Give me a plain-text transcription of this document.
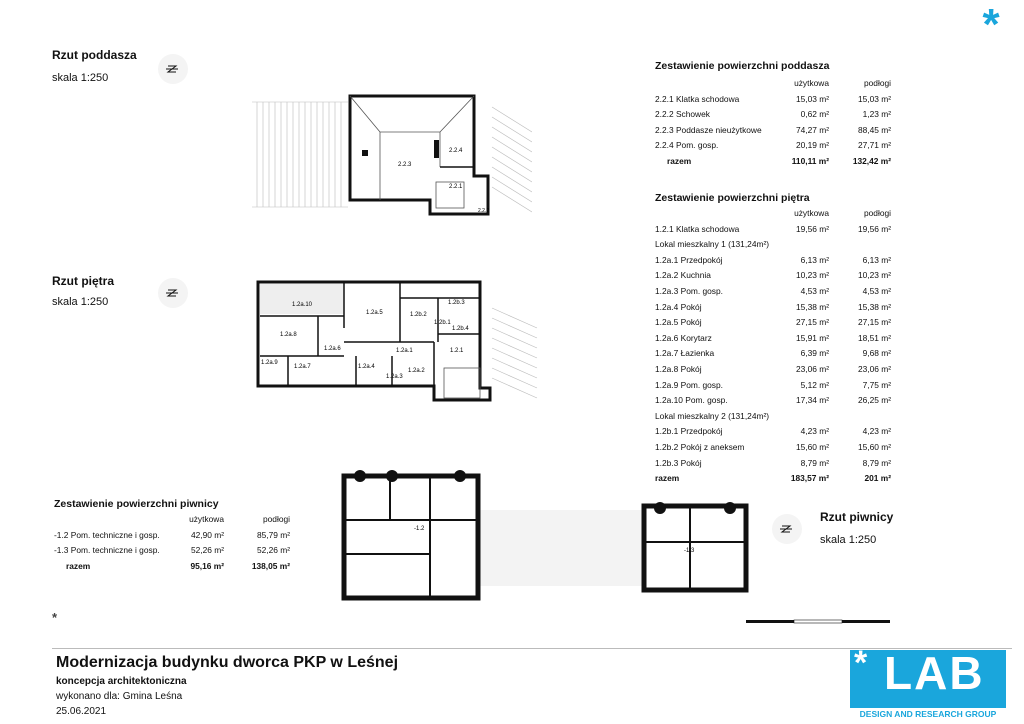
*
Rzut poddasza
skala 1:250
2.2.3
2.2.4
2.2.1
2.2.2
Rzut piętra
skala 1:250	1.2a.10
1.2a.5	1.2b.2
1.2b.3
1.2a.8
1.2b.1
1.2b.4
1.2a.6	1.2a.1	1.2.1
1.2a.9
1.2a.7	1.2a.4
1.2a.3
1.2a.2
-1.2
-1.3
Rzut piwnicy
skala 1:250
Zestawienie powierzchni poddasza
użytkowa	podłogi
2.2.1 Klatka schodowa	15,03 m²	15,03 m²
2.2.2 Schowek	0,62 m²	1,23 m²
2.2.3 Poddasze nieużytkowe	74,27 m²	88,45 m²
2.2.4 Pom. gosp.	20,19 m²	27,71 m²
razem	110,11 m²	132,42 m²
Zestawienie powierzchni piętra
użytkowa	podłogi
1.2.1 Klatka schodowa	19,56 m²	19,56 m²
Lokal mieszkalny 1 (131,24m²)
1.2a.1 Przedpokój	6,13 m²	6,13 m²
1.2a.2 Kuchnia	10,23 m²	10,23 m²
1.2a.3 Pom. gosp.	4,53 m²	4,53 m²
1.2a.4 Pokój	15,38 m²	15,38 m²
1.2a.5 Pokój	27,15 m²	27,15 m²
1.2a.6 Korytarz	15,91 m²	18,51 m²
1.2a.7 Łazienka	6,39 m²	9,68 m²
1.2a.8 Pokój	23,06 m²	23,06 m²
1.2a.9 Pom. gosp.	5,12 m²	7,75 m²
1.2a.10 Pom. gosp.	17,34 m²	26,25 m²
Lokal mieszkalny 2 (131,24m²)
1.2b.1 Przedpokój	4,23 m²	4,23 m²
1.2b.2 Pokój z aneksem	15,60 m²	15,60 m²
1.2b.3 Pokój	8,79 m²	8,79 m²
razem	183,57 m²	201 m²
Zestawienie powierzchni piwnicy
użytkowa	podłogi
-1.2 Pom. techniczne i gosp.	42,90 m²	85,79 m²
-1.3 Pom. techniczne i gosp.	52,26 m²	52,26 m²
razem	95,16 m²	138,05 m²
*
Modernizacja budynku dworca PKP w Leśnej
koncepcja architektoniczna
wykonano dla: Gmina Leśna
25.06.2021
* LAB
DESIGN AND RESEARCH GROUP
